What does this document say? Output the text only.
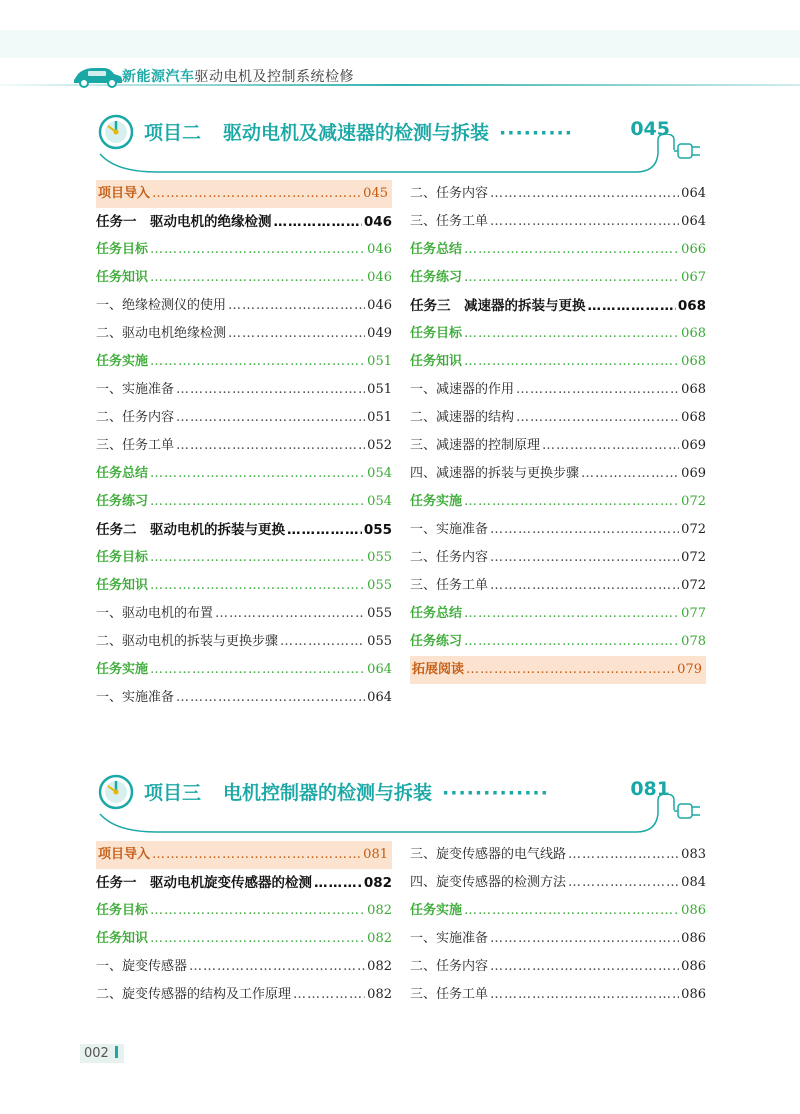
新能源汽车驱动电机及控制系统检修
项目二 驱动电机及减速器的检测与拆装 ·········	045
项目导入 …………………………………………………………………………………………………………………………	045
任务一　驱动电机的绝缘检测 …………………………………………………………………………………………………………………………	046
任务目标 …………………………………………………………………………………………………………………………	046
任务知识 …………………………………………………………………………………………………………………………	046
一、绝缘检测仪的使用 …………………………………………………………………………………………………………………………	046
二、驱动电机绝缘检测 …………………………………………………………………………………………………………………………	049
任务实施 …………………………………………………………………………………………………………………………	051
一、实施准备 …………………………………………………………………………………………………………………………	051
二、任务内容 …………………………………………………………………………………………………………………………	051
三、任务工单 …………………………………………………………………………………………………………………………	052
任务总结 …………………………………………………………………………………………………………………………	054
任务练习 …………………………………………………………………………………………………………………………	054
任务二　驱动电机的拆装与更换 …………………………………………………………………………………………………………………………	055
任务目标 …………………………………………………………………………………………………………………………	055
任务知识 …………………………………………………………………………………………………………………………	055
一、驱动电机的布置 …………………………………………………………………………………………………………………………	055
二、驱动电机的拆装与更换步骤 …………………………………………………………………………………………………………………………	055
任务实施 …………………………………………………………………………………………………………………………	064
一、实施准备 …………………………………………………………………………………………………………………………	064
二、任务内容 …………………………………………………………………………………………………………………………	064
三、任务工单 …………………………………………………………………………………………………………………………	064
任务总结 …………………………………………………………………………………………………………………………	066
任务练习 …………………………………………………………………………………………………………………………	067
任务三　减速器的拆装与更换 …………………………………………………………………………………………………………………………	068
任务目标 …………………………………………………………………………………………………………………………	068
任务知识 …………………………………………………………………………………………………………………………	068
一、减速器的作用 …………………………………………………………………………………………………………………………	068
二、减速器的结构 …………………………………………………………………………………………………………………………	068
三、减速器的控制原理 …………………………………………………………………………………………………………………………	069
四、减速器的拆装与更换步骤 …………………………………………………………………………………………………………………………	069
任务实施 …………………………………………………………………………………………………………………………	072
一、实施准备 …………………………………………………………………………………………………………………………	072
二、任务内容 …………………………………………………………………………………………………………………………	072
三、任务工单 …………………………………………………………………………………………………………………………	072
任务总结 …………………………………………………………………………………………………………………………	077
任务练习 …………………………………………………………………………………………………………………………	078
拓展阅读 …………………………………………………………………………………………………………………………	079
项目三 电机控制器的检测与拆装 ·············	081
项目导入 …………………………………………………………………………………………………………………………	081
任务一　驱动电机旋变传感器的检测 …………………………………………………………………………………………………………………………	082
任务目标 …………………………………………………………………………………………………………………………	082
任务知识 …………………………………………………………………………………………………………………………	082
一、旋变传感器 …………………………………………………………………………………………………………………………	082
二、旋变传感器的结构及工作原理 …………………………………………………………………………………………………………………………	082
三、旋变传感器的电气线路 …………………………………………………………………………………………………………………………	083
四、旋变传感器的检测方法 …………………………………………………………………………………………………………………………	084
任务实施 …………………………………………………………………………………………………………………………	086
一、实施准备 …………………………………………………………………………………………………………………………	086
二、任务内容 …………………………………………………………………………………………………………………………	086
三、任务工单 …………………………………………………………………………………………………………………………	086
002
